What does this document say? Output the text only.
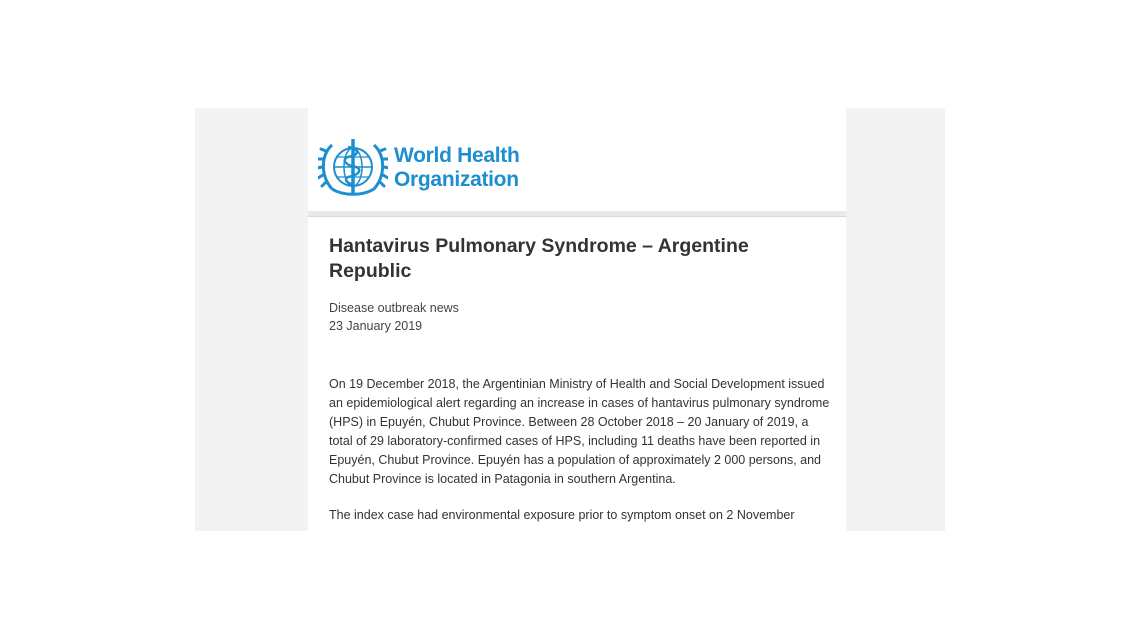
World Health
Organization
Hantavirus Pulmonary Syndrome – Argentine Republic
Disease outbreak news
23 January 2019

On 19 December 2018, the Argentinian Ministry of Health and Social Development issued an epidemiological alert regarding an increase in cases of hantavirus pulmonary syndrome (HPS) in Epuyén, Chubut Province. Between 28 October 2018 – 20 January of 2019, a total of 29 laboratory-confirmed cases of HPS, including 11 deaths have been reported in Epuyén, Chubut Province. Epuyén has a population of approximately 2 000 persons, and Chubut Province is located in Patagonia in southern Argentina.

The index case had environmental exposure prior to symptom onset on 2 November
